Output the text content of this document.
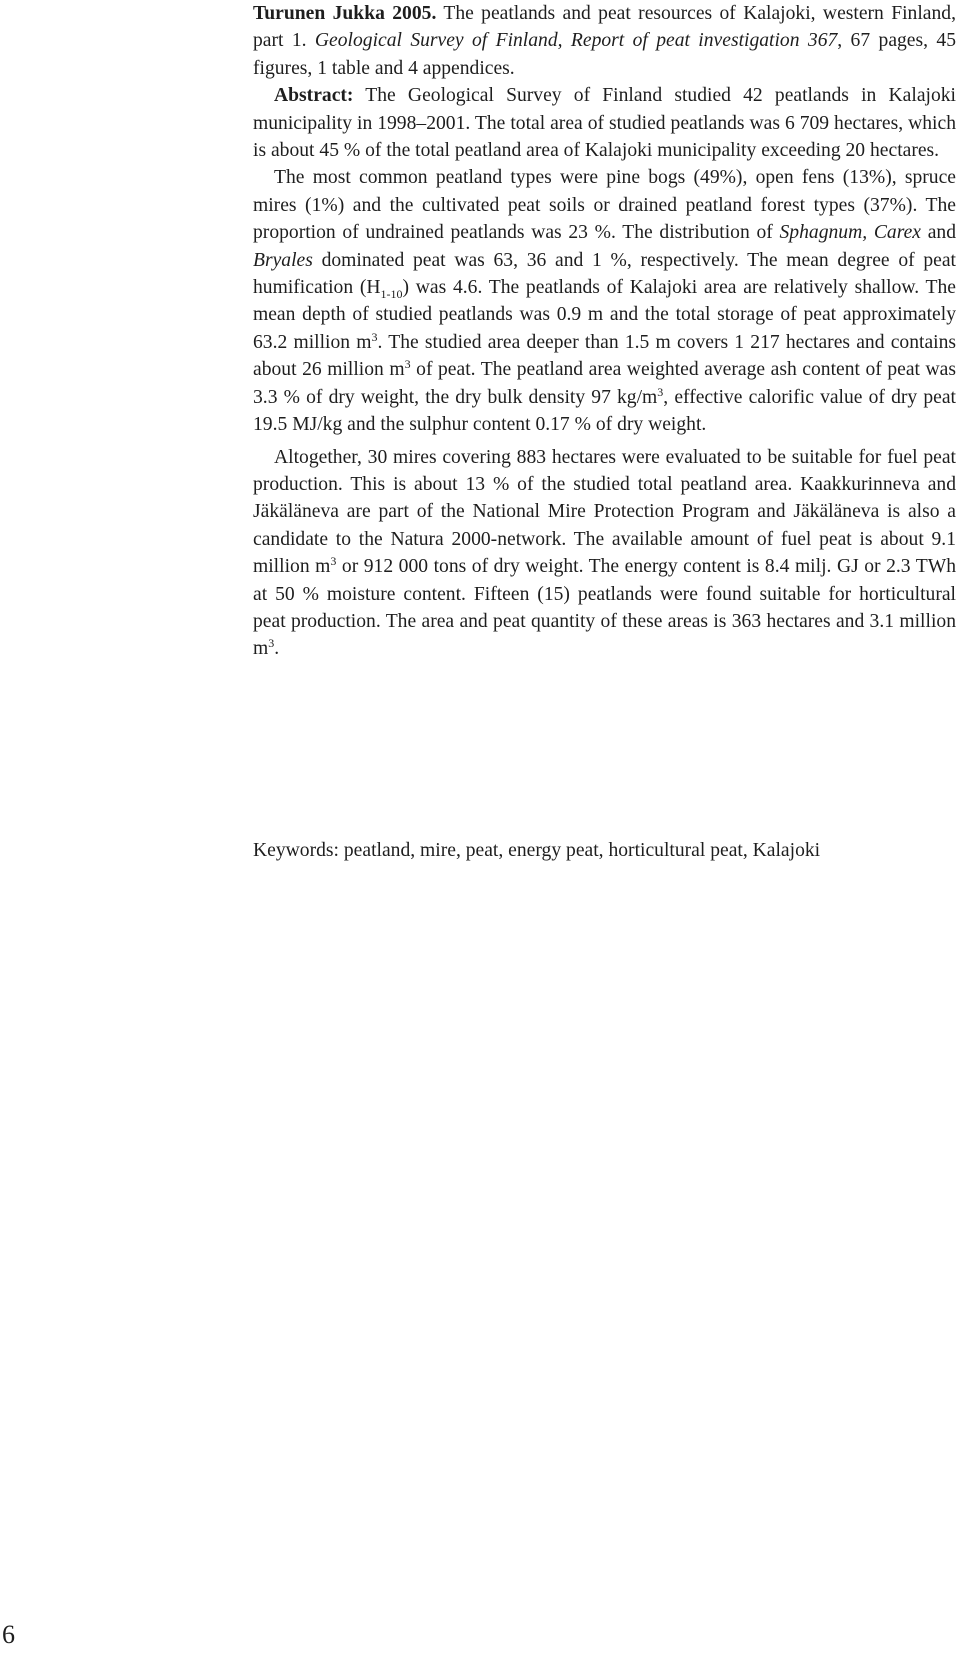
Turunen Jukka 2005. The peatlands and peat resources of Kalajoki, western Finland, part 1. Geological Survey of Finland, Report of peat investigation 367, 67 pages, 45 figures, 1 table and 4 appendices.

Abstract: The Geological Survey of Finland studied 42 peatlands in Kalajoki municipality in 1998–2001. The total area of studied peatlands was 6 709 hectares, which is about 45 % of the total peatland area of Kalajoki municipality exceeding 20 hectares.

The most common peatland types were pine bogs (49%), open fens (13%), spruce mires (1%) and the cultivated peat soils or drained peatland forest types (37%). The proportion of undrained peatlands was 23 %. The distribution of Sphagnum, Carex and Bryales dominated peat was 63, 36 and 1 %, respectively. The mean degree of peat humification $(H_{1-10})$ was 4.6. The peatlands of Kalajoki area are relatively shallow. The mean depth of studied peatlands was 0.9 m and the total storage of peat approximately 63.2 million $m^3$. The studied area deeper than 1.5 m covers 1 217 hectares and contains about 26 million $m^3$ of peat. The peatland area weighted average ash content of peat was 3.3 % of dry weight, the dry bulk density 97 $kg/m^3$, effective calorific value of dry peat 19.5 MJ/kg and the sulphur content 0.17 % of dry weight.

Altogether, 30 mires covering 883 hectares were evaluated to be suitable for fuel peat production. This is about 13 % of the studied total peatland area. Kaakkurinneva and Jäkäläneva are part of the National Mire Protection Program and Jäkäläneva is also a candidate to the Natura 2000-network. The available amount of fuel peat is about 9.1 million $m^3$ or 912 000 tons of dry weight. The energy content is 8.4 milj. GJ or 2.3 TWh at 50 % moisture content. Fifteen (15) peatlands were found suitable for horticultural peat production. The area and peat quantity of these areas is 363 hectares and 3.1 million $m^3$.

Keywords: peatland, mire, peat, energy peat, horticultural peat, Kalajoki
6
